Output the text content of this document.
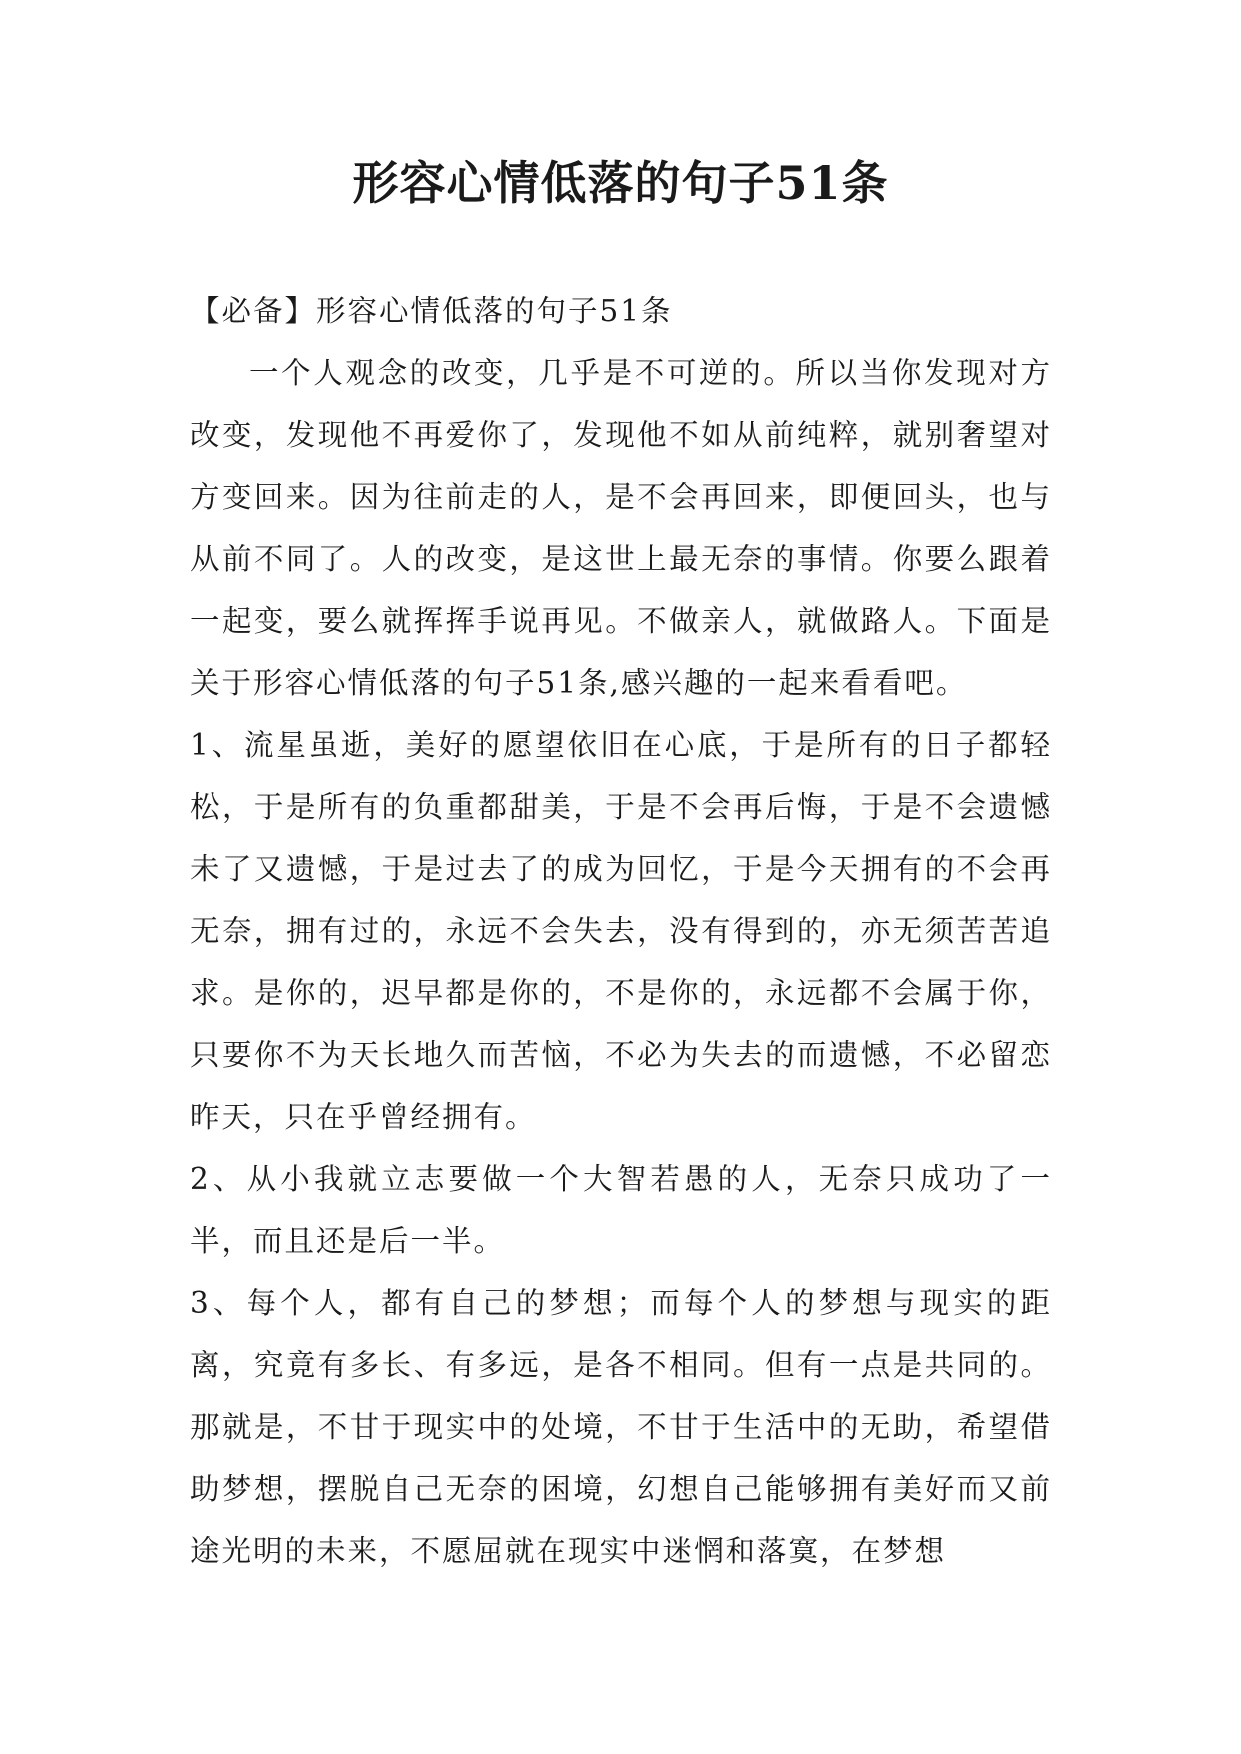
形容心情低落的句子51条

【必备】形容心情低落的句子51条

一个人观念的改变，几乎是不可逆的。所以当你发现对方改变，发现他不再爱你了，发现他不如从前纯粹，就别奢望对方变回来。因为往前走的人，是不会再回来，即便回头，也与从前不同了。人的改变，是这世上最无奈的事情。你要么跟着一起变，要么就挥挥手说再见。不做亲人，就做路人。下面是关于形容心情低落的句子51条,感兴趣的一起来看看吧。

1、流星虽逝，美好的愿望依旧在心底，于是所有的日子都轻松，于是所有的负重都甜美，于是不会再后悔，于是不会遗憾未了又遗憾，于是过去了的成为回忆，于是今天拥有的不会再无奈，拥有过的，永远不会失去，没有得到的，亦无须苦苦追求。是你的，迟早都是你的，不是你的，永远都不会属于你，只要你不为天长地久而苦恼，不必为失去的而遗憾，不必留恋昨天，只在乎曾经拥有。

2、从小我就立志要做一个大智若愚的人，无奈只成功了一半，而且还是后一半。

3、每个人，都有自己的梦想；而每个人的梦想与现实的距离，究竟有多长、有多远，是各不相同。但有一点是共同的。那就是，不甘于现实中的处境，不甘于生活中的无助，希望借助梦想，摆脱自己无奈的困境，幻想自己能够拥有美好而又前途光明的未来，不愿屈就在现实中迷惘和落寞，在梦想
